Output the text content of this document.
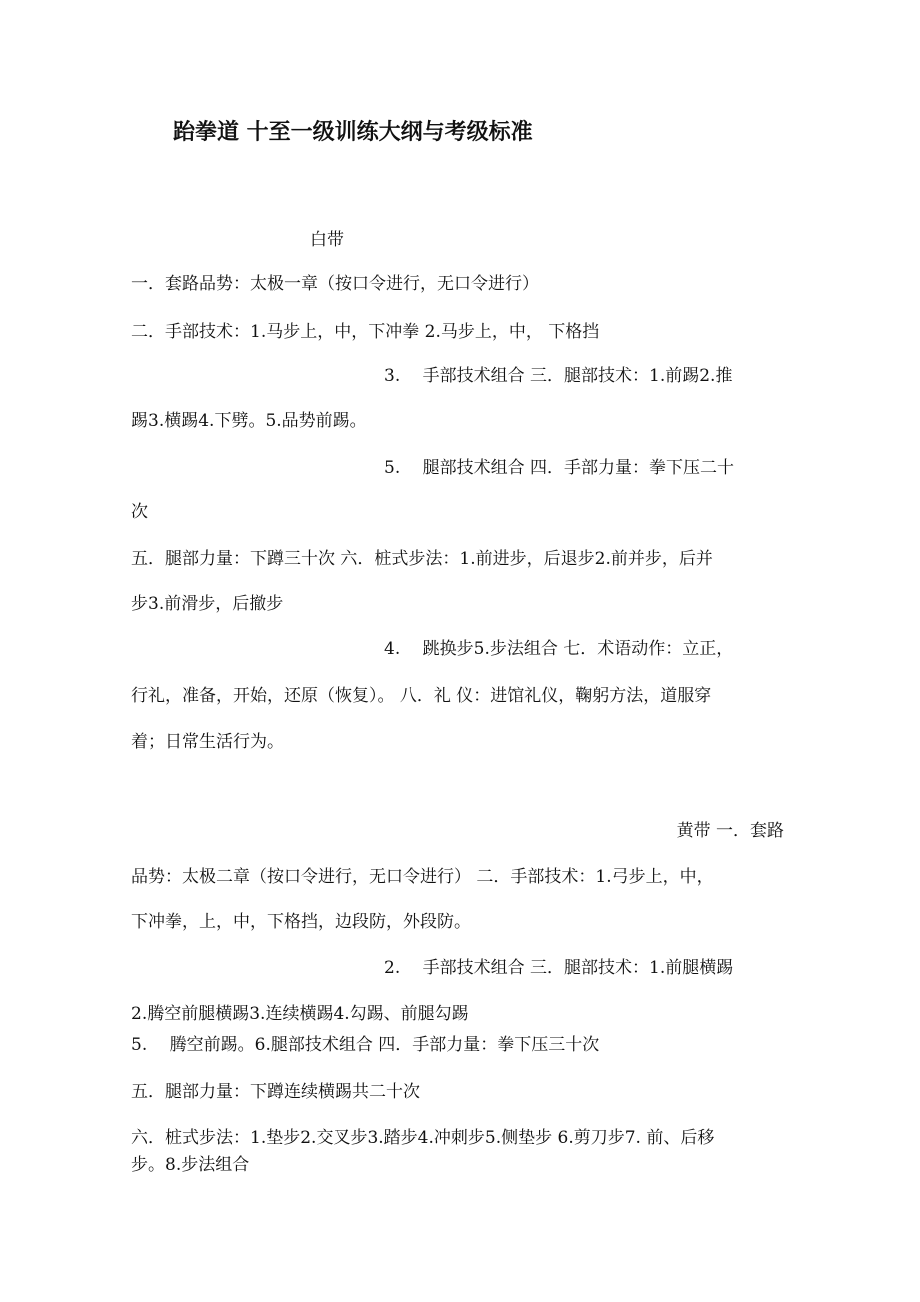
跆拳道 十至一级训练大纲与考级标准
白带
一．套路品势：太极一章（按口令进行，无口令进行）
二．手部技术：1.马步上，中，下冲拳 2.马步上，中， 下格挡
3.　 手部技术组合 三．腿部技术：1.前踢2.推
踢3.横踢4.下劈。5.品势前踢。
5.　 腿部技术组合 四．手部力量：拳下压二十
次
五．腿部力量：下蹲三十次 六．桩式步法：1.前进步，后退步2.前并步，后并
步3.前滑步，后撤步
4.　 跳换步5.步法组合 七．术语动作：立正，
行礼，准备，开始，还原（恢复）。 八．礼 仪：进馆礼仪，鞠躬方法，道服穿
着；日常生活行为。
黄带 一．套路
品势：太极二章（按口令进行，无口令进行） 二．手部技术：1.弓步上，中，
下冲拳，上，中，下格挡，边段防，外段防。
2.　 手部技术组合 三．腿部技术：1.前腿横踢
2.腾空前腿横踢3.连续横踢4.勾踢、前腿勾踢
5.　 腾空前踢。6.腿部技术组合 四．手部力量：拳下压三十次
五．腿部力量：下蹲连续横踢共二十次
六．桩式步法：1.垫步2.交叉步3.踏步4.冲刺步5.侧垫步 6.剪刀步7. 前、后移
步。8.步法组合
